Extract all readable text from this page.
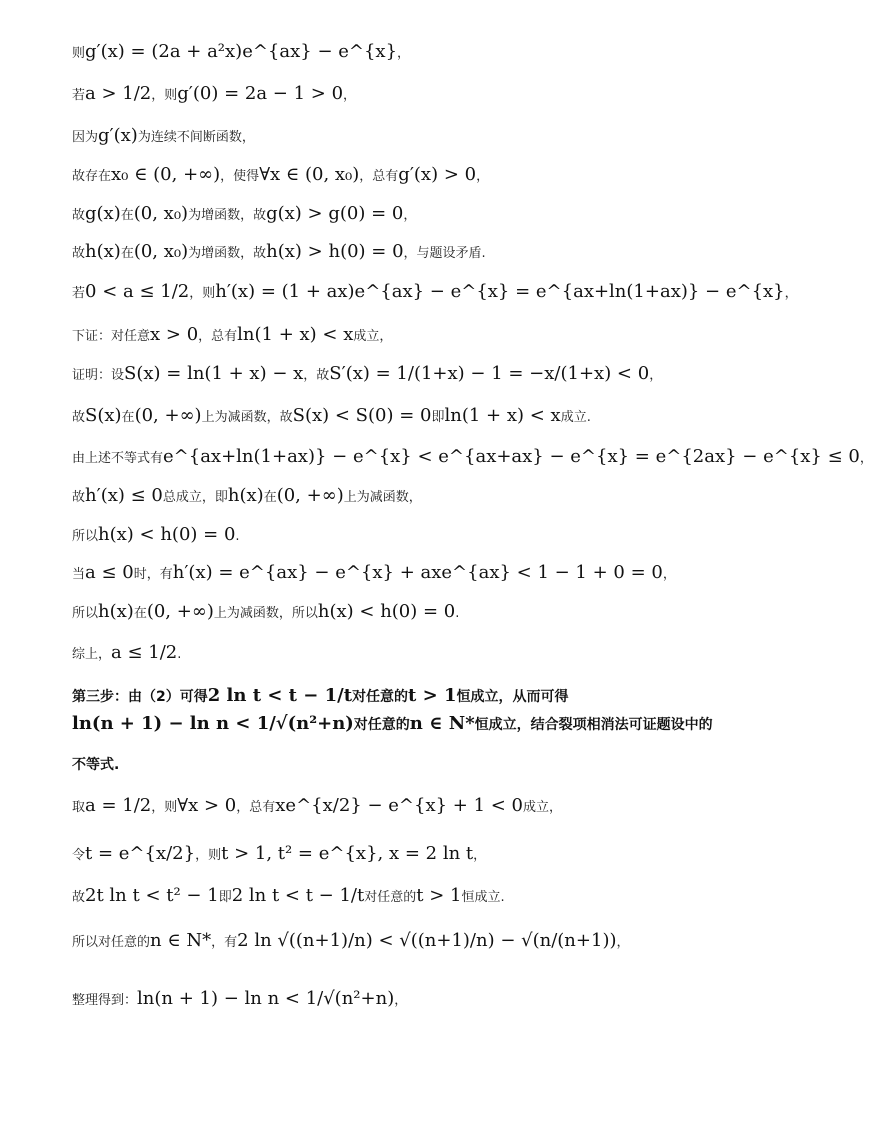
则g′(x) = (2a + a²x)e^{ax} − e^{x}，
若a > 1/2，则g′(0) = 2a − 1 > 0，
因为g′(x)为连续不间断函数，
故存在x₀ ∈ (0, +∞)，使得∀x ∈ (0, x₀)，总有g′(x) > 0，
故g(x)在(0, x₀)为增函数，故g(x) > g(0) = 0，
故h(x)在(0, x₀)为增函数，故h(x) > h(0) = 0，与题设矛盾.
若0 < a ≤ 1/2，则h′(x) = (1 + ax)e^{ax} − e^{x} = e^{ax+ln(1+ax)} − e^{x}，
下证：对任意x > 0，总有ln(1 + x) < x成立，
证明：设S(x) = ln(1 + x) − x，故S′(x) = 1/(1+x) − 1 = −x/(1+x) < 0，
故S(x)在(0, +∞)上为减函数，故S(x) < S(0) = 0即ln(1 + x) < x成立.
由上述不等式有e^{ax+ln(1+ax)} − e^{x} < e^{ax+ax} − e^{x} = e^{2ax} − e^{x} ≤ 0，
故h′(x) ≤ 0总成立，即h(x)在(0, +∞)上为减函数，
所以h(x) < h(0) = 0.
当a ≤ 0时，有h′(x) = e^{ax} − e^{x} + axe^{ax} < 1 − 1 + 0 = 0，
所以h(x)在(0, +∞)上为减函数，所以h(x) < h(0) = 0.
综上，a ≤ 1/2.
第三步：由（2）可得2 ln t < t − 1/t对任意的t > 1恒成立，从而可得
ln(n + 1) − ln n < 1/√(n²+n)对任意的n ∈ N*恒成立，结合裂项相消法可证题设中的
不等式.
取a = 1/2，则∀x > 0，总有xe^{x/2} − e^{x} + 1 < 0成立，
令t = e^{x/2}，则t > 1, t² = e^{x}, x = 2 ln t，
故2t ln t < t² − 1即2 ln t < t − 1/t对任意的t > 1恒成立.
所以对任意的n ∈ N*，有2 ln √((n+1)/n) < √((n+1)/n) − √(n/(n+1))，
整理得到：ln(n + 1) − ln n < 1/√(n²+n)，
